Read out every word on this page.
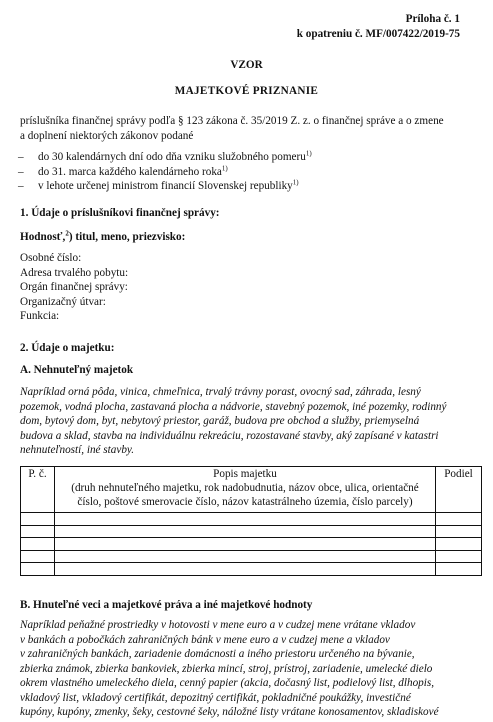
Príloha č. 1
k opatreniu č. MF/007422/2019-75
VZOR
MAJETKOVÉ PRIZNANIE
príslušníka finančnej správy podľa § 123 zákona č. 35/2019 Z. z. o finančnej správe a o zmene
a doplnení niektorých zákonov podané
– do 30 kalendárnych dní odo dňa vzniku služobného pomeru$^{1)}$
– do 31. marca každého kalendárneho roka$^{1)}$
– v lehote určenej ministrom financií Slovenskej republiky$^{1)}$
1. Údaje o príslušníkovi finančnej správy:
Hodnosť,$^2$) titul, meno, priezvisko:
Osobné číslo:
Adresa trvalého pobytu:
Orgán finančnej správy:
Organizačný útvar:
Funkcia:
2. Údaje o majetku:
A. Nehnuteľný majetok
Napríklad orná pôda, vinica, chmeľnica, trvalý trávny porast, ovocný sad, záhrada, lesný
pozemok, vodná plocha, zastavaná plocha a nádvorie, stavebný pozemok, iné pozemky, rodinný
dom, bytový dom, byt, nebytový priestor, garáž, budova pre obchod a služby, priemyselná
budova a sklad, stavba na individuálnu rekreáciu, rozostavané stavby, aký zapísané v katastri
nehnuteľností, iné stavby.
P. č.	Popis majetku
(druh nehnuteľného majetku, rok nadobudnutia, názov obce, ulica, orientačné
číslo, poštové smerovacie číslo, názov katastrálneho územia, číslo parcely)	Podiel

B. Hnuteľné veci a majetkové práva a iné majetkové hodnoty
Napríklad peňažné prostriedky v hotovosti v mene euro a v cudzej mene vrátane vkladov
v bankách a pobočkách zahraničných bánk v mene euro a v cudzej mene a vkladov
v zahraničných bankách, zariadenie domácnosti a iného priestoru určeného na bývanie,
zbierka známok, zbierka bankoviek, zbierka mincí, stroj, prístroj, zariadenie, umelecké dielo
okrem vlastného umeleckého diela, cenný papier (akcia, dočasný list, podielový list, dlhopis,
vkladový list, vkladový certifikát, depozitný certifikát, pokladničné poukážky, investičné
kupóny, kupóny, zmenky, šeky, cestovné šeky, náložné listy vrátane konosamentov, skladiskové
